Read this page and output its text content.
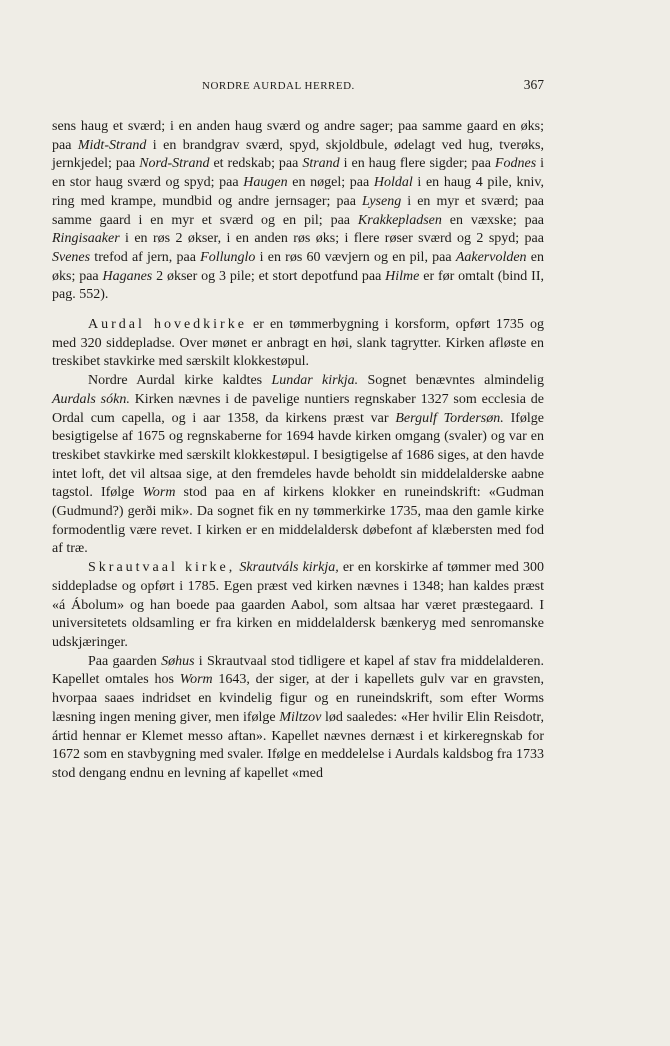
NORDRE AURDAL HERRED.	367

sens haug et sværd; i en anden haug sværd og andre sager; paa samme gaard en øks; paa Midt-Strand i en brandgrav sværd, spyd, skjoldbule, ødelagt ved hug, tverøks, jernkjedel; paa Nord-Strand et redskab; paa Strand i en haug flere sigder; paa Fodnes i en stor haug sværd og spyd; paa Haugen en nøgel; paa Holdal i en haug 4 pile, kniv, ring med krampe, mundbid og andre jernsager; paa Lyseng i en myr et sværd; paa samme gaard i en myr et sværd og en pil; paa Krakkepladsen en væxske; paa Ringisaaker i en røs 2 økser, i en anden røs øks; i flere røser sværd og 2 spyd; paa Svenes trefod af jern, paa Follunglo i en røs 60 vævjern og en pil, paa Aakervolden en øks; paa Haganes 2 økser og 3 pile; et stort depotfund paa Hilme er før omtalt (bind II, pag. 552).

Aurdal hovedkirke er en tømmerbygning i korsform, opført 1735 og med 320 siddepladse. Over mønet er anbragt en høi, slank tagrytter. Kirken afløste en treskibet stavkirke med særskilt klokkestøpul.

Nordre Aurdal kirke kaldtes Lundar kirkja. Sognet benævntes almindelig Aurdals sókn. Kirken nævnes i de pavelige nuntiers regnskaber 1327 som ecclesia de Ordal cum capella, og i aar 1358, da kirkens præst var Bergulf Tordersøn. Ifølge besigtigelse af 1675 og regnskaberne for 1694 havde kirken omgang (svaler) og var en treskibet stavkirke med særskilt klokkestøpul. I besigtigelse af 1686 siges, at den havde intet loft, det vil altsaa sige, at den fremdeles havde beholdt sin middelalderske aabne tagstol. Ifølge Worm stod paa en af kirkens klokker en runeindskrift: «Gudman (Gudmund?) gerði mik». Da sognet fik en ny tømmerkirke 1735, maa den gamle kirke formodentlig være revet. I kirken er en middelaldersk døbefont af klæbersten med fod af træ.

Skrautvaal kirke, Skrautváls kirkja, er en korskirke af tømmer med 300 siddepladse og opført i 1785. Egen præst ved kirken nævnes i 1348; han kaldes præst «á Ábolum» og han boede paa gaarden Aabol, som altsaa har været præstegaard. I universitetets oldsamling er fra kirken en middelaldersk bænkeryg med senromanske udskjæringer.

Paa gaarden Søhus i Skrautvaal stod tidligere et kapel af stav fra middelalderen. Kapellet omtales hos Worm 1643, der siger, at der i kapellets gulv var en gravsten, hvorpaa saaes indridset en kvindelig figur og en runeindskrift, som efter Worms læsning ingen mening giver, men ifølge Miltzov lød saaledes: «Her hvilir Elin Reisdotr, ártid hennar er Klemet messo aftan». Kapellet nævnes dernæst i et kirkeregnskab for 1672 som en stavbygning med svaler. Ifølge en meddelelse i Aurdals kaldsbog fra 1733 stod dengang endnu en levning af kapellet «med
